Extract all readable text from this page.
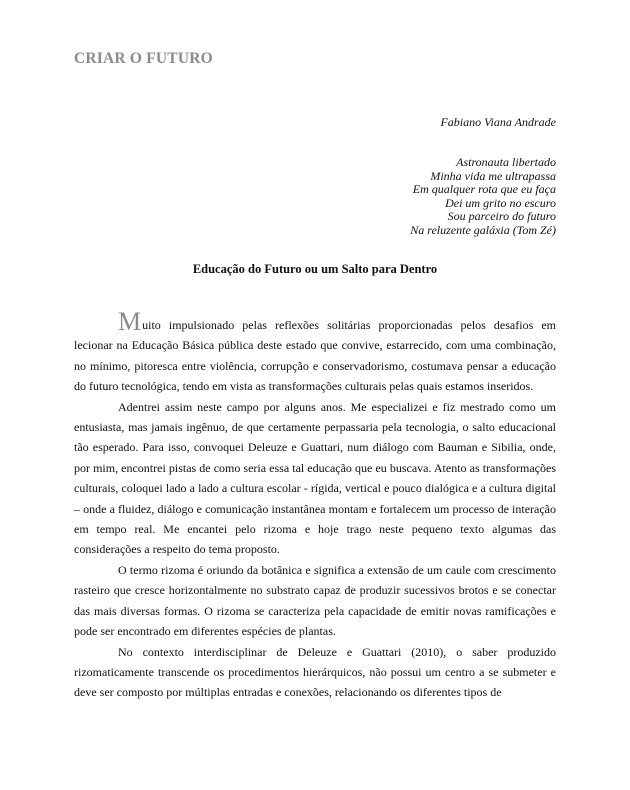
CRIAR O FUTURO
Fabiano Viana Andrade
Astronauta libertado
Minha vida me ultrapassa
Em qualquer rota que eu faça
Dei um grito no escuro
Sou parceiro do futuro
Na reluzente galáxia (Tom Zé)
Educação do Futuro ou um Salto para Dentro

Muito impulsionado pelas reflexões solitárias proporcionadas pelos desafios em lecionar na Educação Básica pública deste estado que convive, estarrecido, com uma combinação, no mínimo, pitoresca entre violência, corrupção e conservadorismo, costumava pensar a educação do futuro tecnológica, tendo em vista as transformações culturais pelas quais estamos inseridos.

Adentrei assim neste campo por alguns anos. Me especializei e fiz mestrado como um entusiasta, mas jamais ingênuo, de que certamente perpassaria pela tecnologia, o salto educacional tão esperado. Para isso, convoquei Deleuze e Guattari, num diálogo com Bauman e Sibilia, onde, por mim, encontrei pistas de como seria essa tal educação que eu buscava. Atento as transformações culturais, coloquei lado a lado a cultura escolar - rígida, vertical e pouco dialógica e a cultura digital – onde a fluidez, diálogo e comunicação instantânea montam e fortalecem um processo de interação em tempo real. Me encantei pelo rizoma e hoje trago neste pequeno texto algumas das considerações a respeito do tema proposto.

O termo rizoma é oriundo da botânica e significa a extensão de um caule com crescimento rasteiro que cresce horizontalmente no substrato capaz de produzir sucessivos brotos e se conectar das mais diversas formas. O rizoma se caracteriza pela capacidade de emitir novas ramificações e pode ser encontrado em diferentes espécies de plantas.

No contexto interdisciplinar de Deleuze e Guattari (2010), o saber produzido rizomaticamente transcende os procedimentos hierárquicos, não possui um centro a se submeter e deve ser composto por múltiplas entradas e conexões, relacionando os diferentes tipos de
